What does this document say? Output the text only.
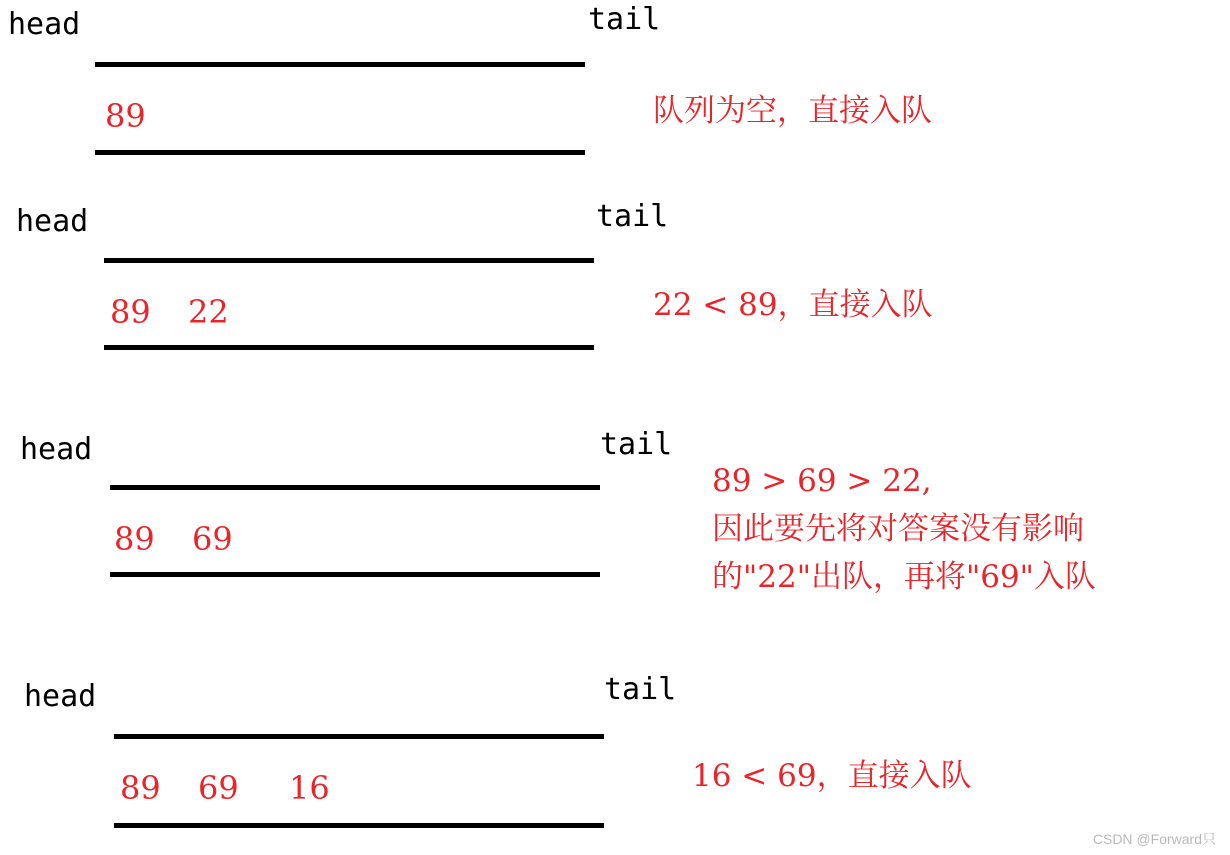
head	tail
89	队列为空，直接入队
head	tail
89 22	22 < 89，直接入队
head	tail
89 69
89 > 69 > 22,
因此要先将对答案没有影响
的"22"出队，再将"69"入队
head	tail
89 69 16	16 < 69，直接入队
CSDN @Forward只
